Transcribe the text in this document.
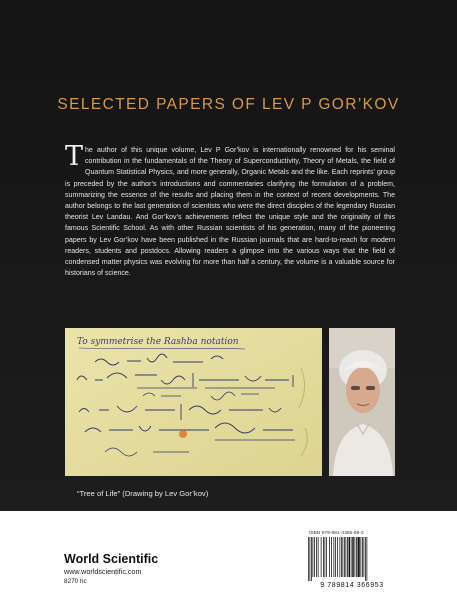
SELECTED PAPERS OF LEV P GOR’KOV
The author of this unique volume, Lev P Gor’kov is internationally renowned for his seminal contribution in the fundamentals of the Theory of Superconductivity, Theory of Metals, the field of Quantum Statistical Physics, and more generally, Organic Metals and the like. Each reprints’ group is preceded by the author’s introductions and commentaries clarifying the formulation of a problem, summarizing the essence of the results and placing them in the context of recent developments. The author belongs to the last generation of scientists who were the direct disciples of the legendary Russian theorist Lev Landau. And Gor’kov’s achievements reflect the unique style and the originality of this famous Scientific School. As with other Russian scientists of his generation, many of the pioneering papers by Lev Gor’kov have been published in the Russian journals that are hard-to-reach for modern readers, students and postdocs. Allowing readers a glimpse into the various ways that the field of condensed matter physics was evolving for more than half a century, the volume is a valuable source for historians of science.
To symmetrise the Rashba notation
“Tree of Life” (Drawing by Lev Gor’kov)
World Scientific
www.worldscientific.com
8270 hc
ISBN 978-981-4366-95-3
9 789814 366953
